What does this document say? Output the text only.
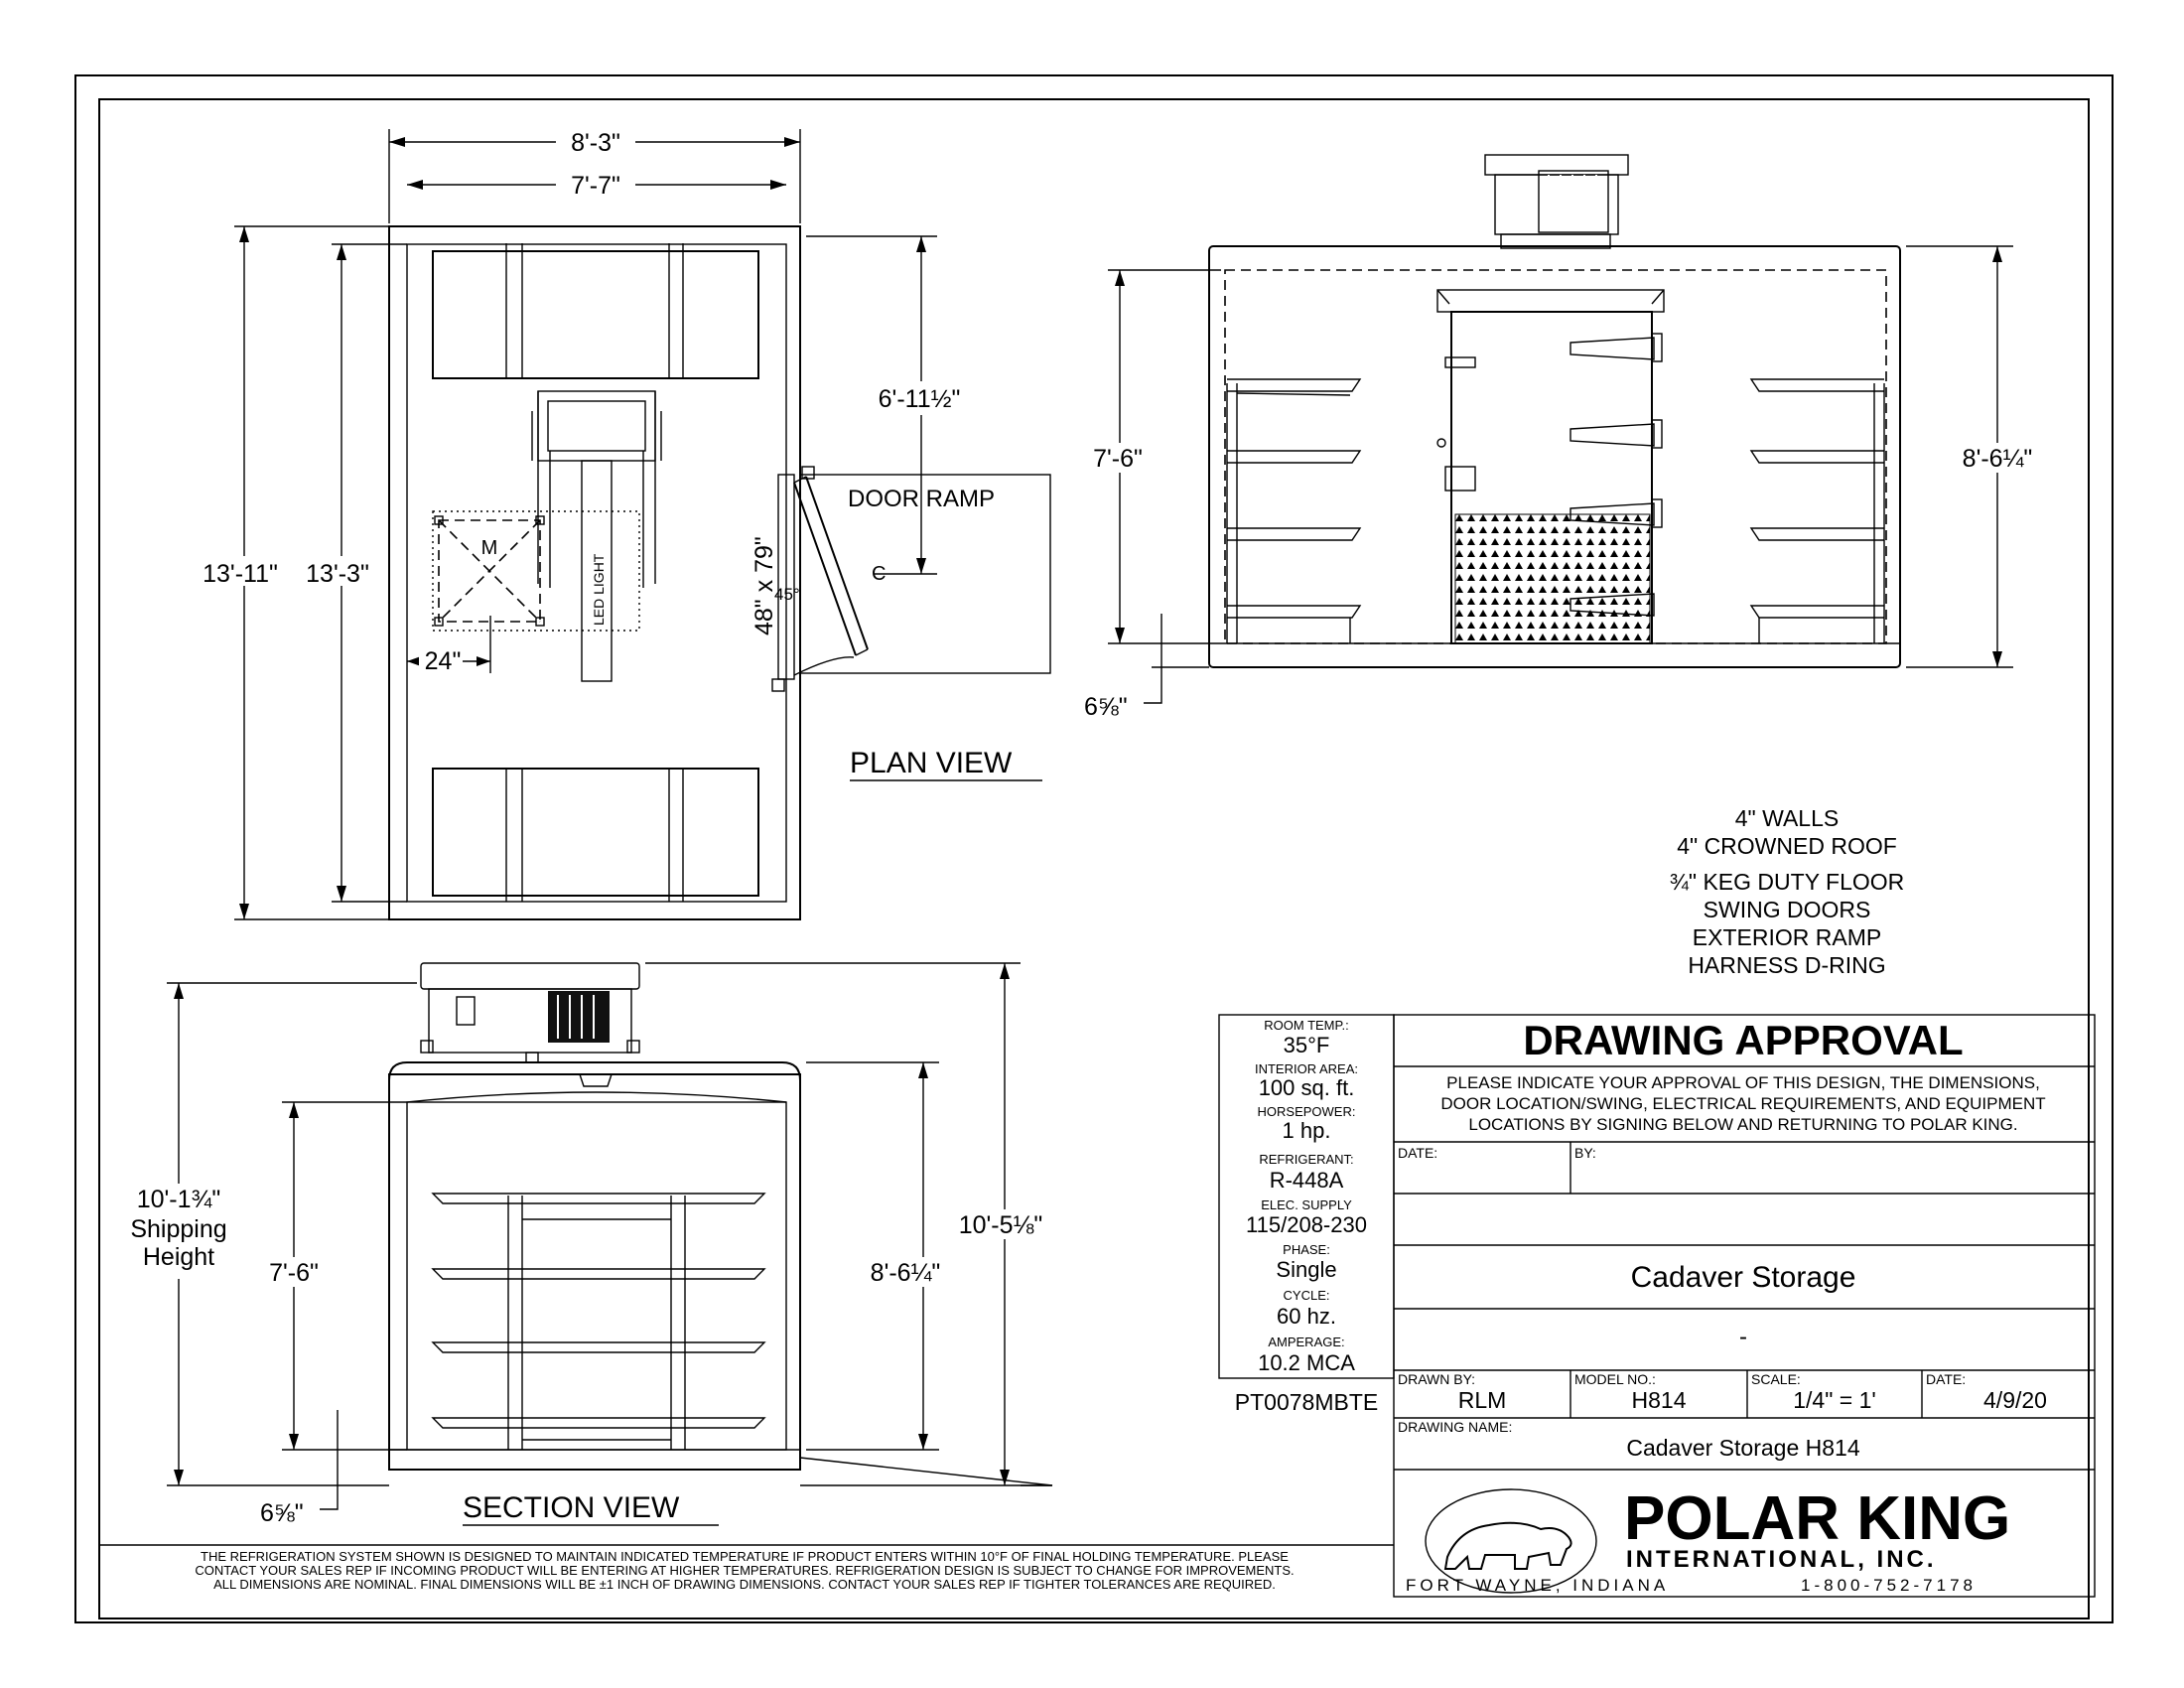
8'-3"
7'-7"
LED LIGHT
M
24"
13'-11" 13'-3"
DOOR RAMP
C
45°
48" x 79"
6'-11½"
PLAN VIEW
7'-6"
6⅝"
8'-6¼"
4" WALLS
4" CROWNED ROOF
¾" KEG DUTY FLOOR
SWING DOORS
EXTERIOR RAMP
HARNESS D-RING
10'-1¾"
Shipping
Height
7'-6"
6⅝"
8'-6¼"
10'-5⅛"
SECTION VIEW
ROOM TEMP.:
35°F
INTERIOR AREA:
100 sq. ft.
HORSEPOWER:
1 hp.
REFRIGERANT:
R-448A
ELEC. SUPPLY
115/208-230
PHASE:
Single
CYCLE:
60 hz.
AMPERAGE:
10.2 MCA
PT0078MBTE
DRAWING APPROVAL
PLEASE INDICATE YOUR APPROVAL OF THIS DESIGN, THE DIMENSIONS,
DOOR LOCATION/SWING, ELECTRICAL REQUIREMENTS, AND EQUIPMENT
LOCATIONS BY SIGNING BELOW AND RETURNING TO POLAR KING.
DATE:	BY:
Cadaver Storage
-
DRAWN BY:
RLM
MODEL NO.:
H814
SCALE:
1/4" = 1'
DATE:
4/9/20
DRAWING NAME:
Cadaver Storage H814
POLAR KING
INTERNATIONAL, INC.
FORT WAYNE, INDIANA	1-800-752-7178
THE REFRIGERATION SYSTEM SHOWN IS DESIGNED TO MAINTAIN INDICATED TEMPERATURE IF PRODUCT ENTERS WITHIN 10°F OF FINAL HOLDING TEMPERATURE. PLEASE
CONTACT YOUR SALES REP IF INCOMING PRODUCT WILL BE ENTERING AT HIGHER TEMPERATURES. REFRIGERATION DESIGN IS SUBJECT TO CHANGE FOR IMPROVEMENTS.
ALL DIMENSIONS ARE NOMINAL. FINAL DIMENSIONS WILL BE ±1 INCH OF DRAWING DIMENSIONS. CONTACT YOUR SALES REP IF TIGHTER TOLERANCES ARE REQUIRED.
